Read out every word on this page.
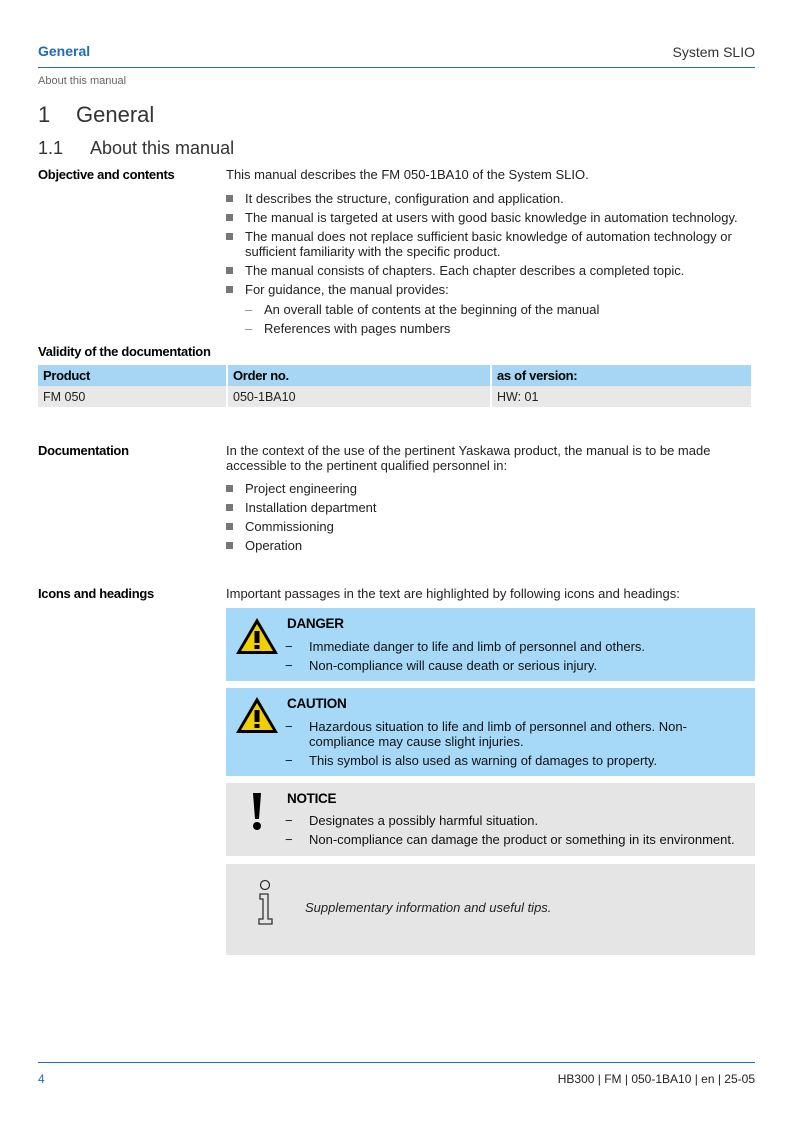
General	System SLIO
About this manual
1 General
1.1 About this manual
Objective and contents	This manual describes the FM 050-1BA10 of the System SLIO.
It describes the structure, configuration and application.
The manual is targeted at users with good basic knowledge in automation technology.
The manual does not replace sufficient basic knowledge of automation technology or sufficient familiarity with the specific product.
The manual consists of chapters. Each chapter describes a completed topic.
For guidance, the manual provides:
– An overall table of contents at the beginning of the manual
– References with pages numbers
Validity of the documentation
Product	Order no.	as of version:
FM 050	050-1BA10	HW: 01
Documentation	In the context of the use of the pertinent Yaskawa product, the manual is to be made accessible to the pertinent qualified personnel in:
Project engineering
Installation department
Commissioning
Operation
Icons and headings	Important passages in the text are highlighted by following icons and headings:
DANGER
− Immediate danger to life and limb of personnel and others.
− Non-compliance will cause death or serious injury.
CAUTION
− Hazardous situation to life and limb of personnel and others. Non-compliance may cause slight injuries.
− This symbol is also used as warning of damages to property.
NOTICE
− Designates a possibly harmful situation.
− Non-compliance can damage the product or something in its environment.
Supplementary information and useful tips.
4	HB300 | FM | 050-1BA10 | en | 25-05
